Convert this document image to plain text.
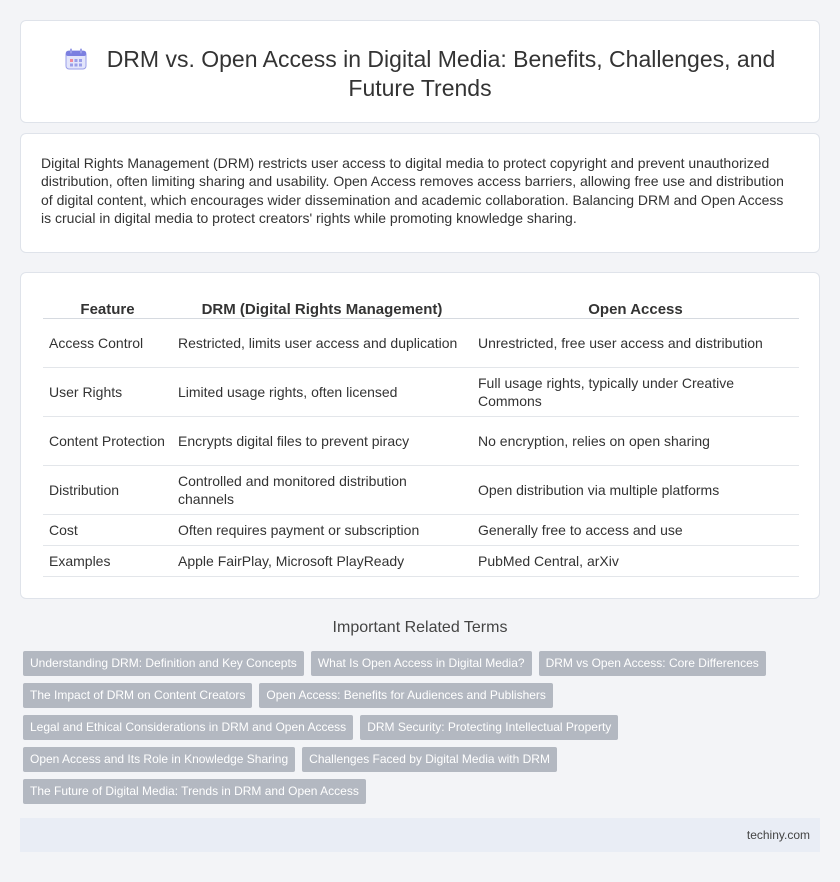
DRM vs. Open Access in Digital Media: Benefits, Challenges, and Future Trends

Digital Rights Management (DRM) restricts user access to digital media to protect copyright and prevent unauthorized distribution, often limiting sharing and usability. Open Access removes access barriers, allowing free use and distribution of digital content, which encourages wider dissemination and academic collaboration. Balancing DRM and Open Access is crucial in digital media to protect creators' rights while promoting knowledge sharing.

Feature	DRM (Digital Rights Management)	Open Access
Access Control	Restricted, limits user access and duplication	Unrestricted, free user access and distribution
User Rights	Limited usage rights, often licensed	Full usage rights, typically under Creative Commons
Content Protection	Encrypts digital files to prevent piracy	No encryption, relies on open sharing
Distribution	Controlled and monitored distribution channels	Open distribution via multiple platforms
Cost	Often requires payment or subscription	Generally free to access and use
Examples	Apple FairPlay, Microsoft PlayReady	PubMed Central, arXiv
Important Related Terms
Understanding DRM: Definition and Key Concepts	What Is Open Access in Digital Media?	DRM vs Open Access: Core Differences
The Impact of DRM on Content Creators	Open Access: Benefits for Audiences and Publishers
Legal and Ethical Considerations in DRM and Open Access	DRM Security: Protecting Intellectual Property
Open Access and Its Role in Knowledge Sharing	Challenges Faced by Digital Media with DRM
The Future of Digital Media: Trends in DRM and Open Access
techiny.com
